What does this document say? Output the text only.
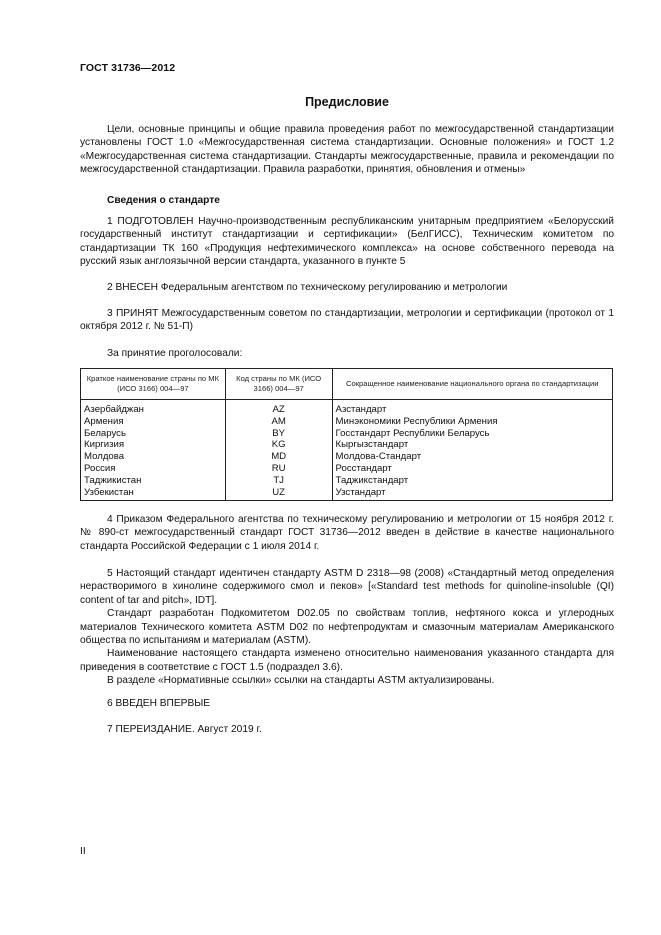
ГОСТ 31736—2012
Предисловие

Цели, основные принципы и общие правила проведения работ по межгосударственной стандартизации установлены ГОСТ 1.0 «Межгосударственная система стандартизации. Основные положения» и ГОСТ 1.2 «Межгосударственная система стандартизации. Стандарты межгосударственные, правила и рекомендации по межгосударственной стандартизации. Правила разработки, принятия, обновления и отмены»

Сведения о стандарте

1 ПОДГОТОВЛЕН Научно-производственным республиканским унитарным предприятием «Белорусский государственный институт стандартизации и сертификации» (БелГИСС), Техническим комитетом по стандартизации ТК 160 «Продукция нефтехимического комплекса» на основе собственного перевода на русский язык англоязычной версии стандарта, указанного в пункте 5

2 ВНЕСЕН Федеральным агентством по техническому регулированию и метрологии

3 ПРИНЯТ Межгосударственным советом по стандартизации, метрологии и сертификации (протокол от 1 октября 2012 г. № 51-П)

За принятие проголосовали:
Краткое наименование страны по МК (ИСО 3166) 004—97	Код страны по МК (ИСО 3166) 004—97	Сокращенное наименование национального органа по стандартизации
Азербайджан	AZ	Азстандарт
Армения	AM	Минэкономики Республики Армения
Беларусь	BY	Госстандарт Республики Беларусь
Киргизия	KG	Кыргызстандарт
Молдова	MD	Молдова-Стандарт
Россия	RU	Росстандарт
Таджикистан	TJ	Таджикстандарт
Узбекистан	UZ	Узстандарт

4 Приказом Федерального агентства по техническому регулированию и метрологии от 15 ноября 2012 г. № 890-ст межгосударственный стандарт ГОСТ 31736—2012 введен в действие в качестве национального стандарта Российской Федерации с 1 июля 2014 г.

5 Настоящий стандарт идентичен стандарту ASTM D 2318—98 (2008) «Стандартный метод определения нерастворимого в хинолине содержимого смол и пеков» [«Standard test methods for quinoline-insoluble (QI) content of tar and pitch», IDT].

Стандарт разработан Подкомитетом D02.05 по свойствам топлив, нефтяного кокса и углеродных материалов Технического комитета ASTM D02 по нефтепродуктам и смазочным материалам Американского общества по испытаниям и материалам (ASTM).

Наименование настоящего стандарта изменено относительно наименования указанного стандарта для приведения в соответствие с ГОСТ 1.5 (подраздел 3.6).

В разделе «Нормативные ссылки» ссылки на стандарты ASTM актуализированы.

6 ВВЕДЕН ВПЕРВЫЕ
7 ПЕРЕИЗДАНИЕ. Август 2019 г.
II
